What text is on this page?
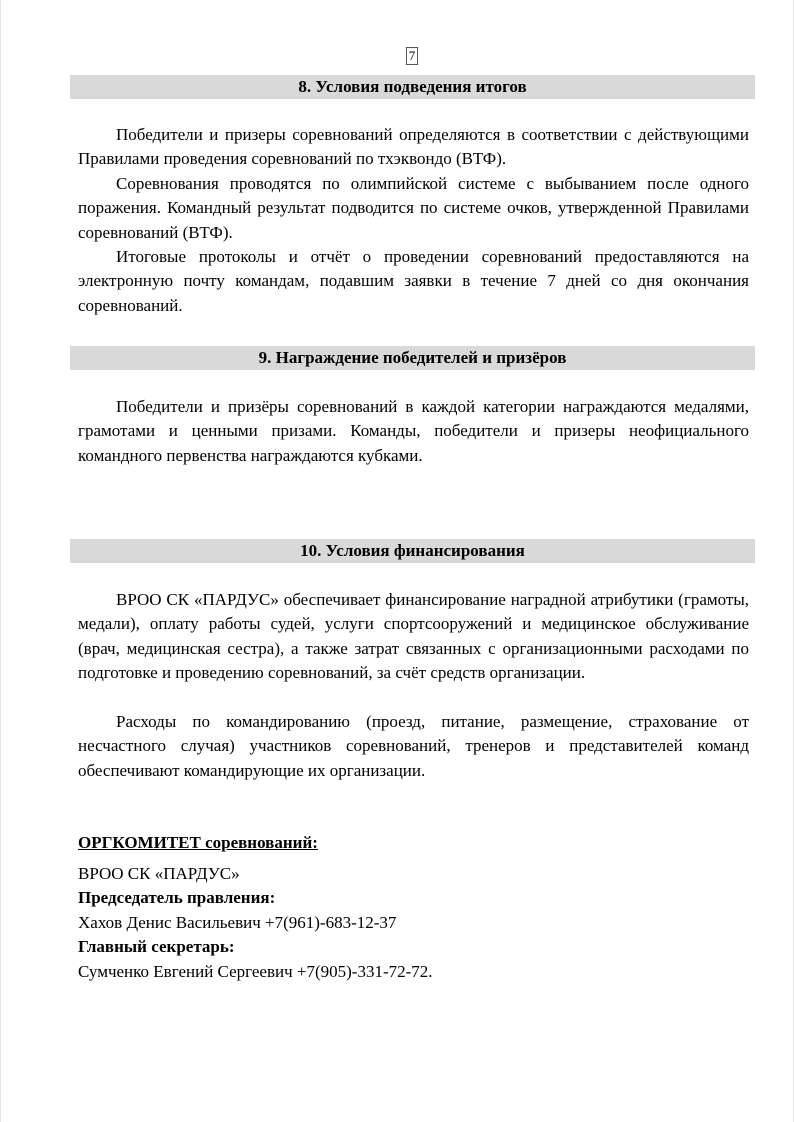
7
8. Условия подведения итогов

Победители и призеры соревнований определяются в соответствии с действующими Правилами проведения соревнований по тхэквондо (ВТФ).

Соревнования проводятся по олимпийской системе с выбыванием после одного поражения. Командный результат подводится по системе очков, утвержденной Правилами соревнований (ВТФ).

Итоговые протоколы и отчёт о проведении соревнований предоставляются на электронную почту командам, подавшим заявки в течение 7 дней со дня окончания соревнований.

9. Награждение победителей и призёров

Победители и призёры соревнований в каждой категории награждаются медалями, грамотами и ценными призами. Команды, победители и призеры неофициального командного первенства награждаются кубками.

10. Условия финансирования

ВРОО СК «ПАРДУС» обеспечивает финансирование наградной атрибутики (грамоты, медали), оплату работы судей, услуги спортсооружений и медицинское обслуживание (врач, медицинская сестра), а также затрат связанных с организационными расходами по подготовке и проведению соревнований, за счёт средств организации.

Расходы по командированию (проезд, питание, размещение, страхование от несчастного случая) участников соревнований, тренеров и представителей команд обеспечивают командирующие их организации.

ОРГКОМИТЕТ соревнований:
ВРОО СК «ПАРДУС»
Председатель правления:
Хахов Денис Васильевич +7(961)-683-12-37
Главный секретарь:
Сумченко Евгений Сергеевич +7(905)-331-72-72.
